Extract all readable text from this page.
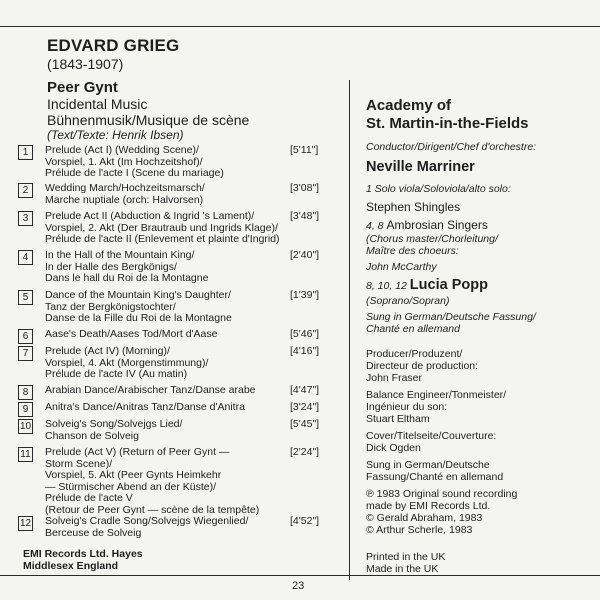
EDVARD GRIEG
(1843-1907)
Peer Gynt
Incidental Music
Bühnenmusik/Musique de scène
(Text/Texte: Henrik Ibsen)
1	Prelude (Act I) (Wedding Scene)/
Vorspiel, 1. Akt (Im Hochzeitshof)/
Prélude de l'acte I (Scene du mariage)
[5'11"]
2	Wedding March/Hochzeitsmarsch/
Marche nuptiale (orch: Halvorsen)
[3'08"]
3	Prelude Act II (Abduction & Ingrid 's Lament)/
Vorspiel, 2. Akt (Der Brautraub und Ingrids Klage)/
Prélude de l'acte II (Enlevement et plainte d'Ingrid)
[3'48"]
4	In the Hall of the Mountain King/
In der Halle des Bergkönigs/
Dans le hall du Roi de la Montagne
[2'40"]
5	Dance of the Mountain King's Daughter/
Tanz der Bergkönigstochter/
Danse de la Fille du Roi de la Montagne
[1'39"]
6	Aase's Death/Aases Tod/Mort d'Aase	[5'46"]
7	Prelude (Act IV) (Morning)/
Vorspiel, 4. Akt (Morgenstimmung)/
Prélude de l'acte IV (Au matin)
[4'16"]
8	Arabian Dance/Arabischer Tanz/Danse arabe	[4'47"]
9	Anitra's Dance/Anitras Tanz/Danse d'Anitra	[3'24"]
10 Solveig's Song/Solvejgs Lied/
Chanson de Solveig
[5'45"]
11 Prelude (Act V) (Return of Peer Gynt —
Storm Scene)/
Vorspiel, 5. Akt (Peer Gynts Heimkehr
— Stürmischer Abend an der Küste)/
Prélude de l'acte V
(Retour de Peer Gynt — scène de la tempête)
[2'24"]
12 Solveig's Cradle Song/Solvejgs Wiegenlied/
Berceuse de Solveig
[4'52"]
EMI Records Ltd. Hayes
Middlesex England
23
Academy of
St. Martin-in-the-Fields
Conductor/Dirigent/Chef d'orchestre:
Neville Marriner
1 Solo viola/Soloviola/alto solo:
Stephen Shingles
4, 8 Ambrosian Singers
(Chorus master/Chorleitung/
Maître des choeurs:
John McCarthy
8, 10, 12 Lucia Popp
(Soprano/Sopran)
Sung in German/Deutsche Fassung/
Chanté en allemand
Producer/Produzent/
Directeur de production:
John Fraser
Balance Engineer/Tonmeister/
Ingénieur du son:
Stuart Eltham
Cover/Titelseite/Couverture:
Dick Ogden
Sung in German/Deutsche
Fassung/Chanté en allemand
℗ 1983 Original sound recording
made by EMI Records Ltd.
© Gerald Abraham, 1983
© Arthur Scherle, 1983
Printed in the UK
Made in the UK
